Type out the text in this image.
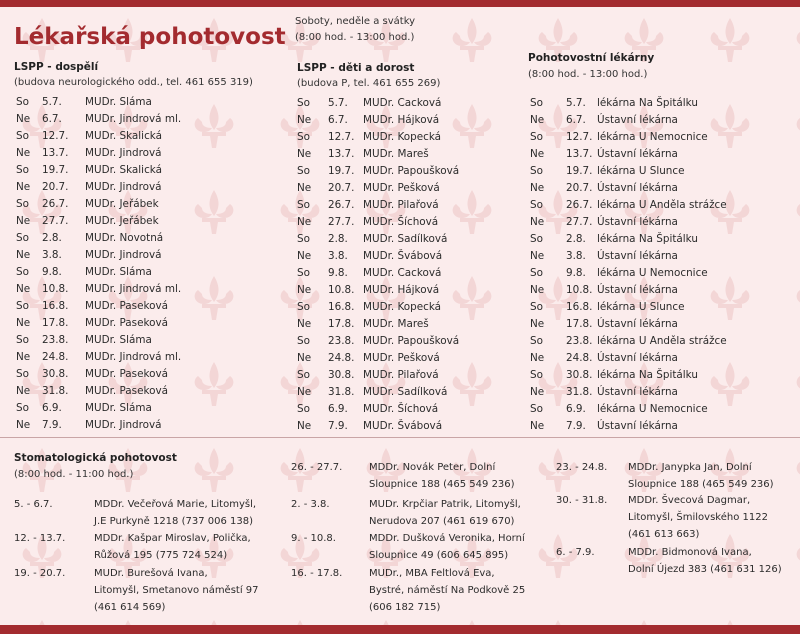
Lékařská pohotovost
Soboty, neděle a svátky
(8:00 hod. - 13:00 hod.)
LSPP - dospělí
(budova neurologického odd., tel. 461 655 319)
So	5.7.	MUDr. Sláma
Ne	6.7.	MUDr. Jindrová ml.
So	12.7.	MUDr. Skalická
Ne	13.7.	MUDr. Jindrová
So	19.7.	MUDr. Skalická
Ne	20.7.	MUDr. Jindrová
So	26.7.	MUDr. Jeřábek
Ne	27.7.	MUDr. Jeřábek
So	2.8.	MUDr. Novotná
Ne	3.8.	MUDr. Jindrová
So	9.8.	MUDr. Sláma
Ne	10.8.	MUDr. Jindrová ml.
So	16.8.	MUDr. Paseková
Ne	17.8.	MUDr. Paseková
So	23.8.	MUDr. Sláma
Ne	24.8.	MUDr. Jindrová ml.
So	30.8.	MUDr. Paseková
Ne	31.8.	MUDr. Paseková
So	6.9.	MUDr. Sláma
Ne	7.9.	MUDr. Jindrová
LSPP - děti a dorost
(budova P, tel. 461 655 269)
So	5.7.	MUDr. Cacková
Ne	6.7.	MUDr. Hájková
So	12.7. MUDr. Kopecká
Ne	13.7. MUDr. Mareš
So	19.7. MUDr. Papoušková
Ne	20.7. MUDr. Pešková
So	26.7. MUDr. Pilařová
Ne	27.7. MUDr. Šíchová
So	2.8.	MUDr. Sadílková
Ne	3.8.	MUDr. Švábová
So	9.8.	MUDr. Cacková
Ne	10.8. MUDr. Hájková
So	16.8. MUDr. Kopecká
Ne	17.8. MUDr. Mareš
So	23.8. MUDr. Papoušková
Ne	24.8. MUDr. Pešková
So	30.8. MUDr. Pilařová
Ne	31.8. MUDr. Sadílková
So	6.9.	MUDr. Šíchová
Ne	7.9.	MUDr. Švábová
Pohotovostní lékárny
(8:00 hod. - 13:00 hod.)
So	5.7.	lékárna Na Špitálku
Ne	6.7.	Ústavní lékárna
So	12.7. lékárna U Nemocnice
Ne	13.7. Ústavní lékárna
So	19.7. lékárna U Slunce
Ne	20.7. Ústavní lékárna
So	26.7. lékárna U Anděla strážce
Ne	27.7. Ústavní lékárna
So	2.8.	lékárna Na Špitálku
Ne	3.8.	Ústavní lékárna
So	9.8.	lékárna U Nemocnice
Ne	10.8. Ústavní lékárna
So	16.8. lékárna U Slunce
Ne	17.8. Ústavní lékárna
So	23.8. lékárna U Anděla strážce
Ne	24.8. Ústavní lékárna
So	30.8. lékárna Na Špitálku
Ne	31.8. Ústavní lékárna
So	6.9.	lékárna U Nemocnice
Ne	7.9.	Ústavní lékárna
Stomatologická pohotovost
(8:00 hod. - 11:00 hod.)
5. - 6.7.	MDDr. Večeřová Marie, Litomyšl,
J.E Purkyně 1218 (737 006 138)
12. - 13.7.	MDDr. Kašpar Miroslav, Polička,
Růžová 195 (775 724 524)
19. - 20.7.	MUDr. Burešová Ivana,
Litomyšl, Smetanovo náměstí 97
(461 614 569)
26. - 27.7.	MDDr. Novák Peter, Dolní
Sloupnice 188 (465 549 236)
2. - 3.8.	MUDr. Krpčiar Patrik, Litomyšl,
Nerudova 207 (461 619 670)
9. - 10.8.	MDDr. Dušková Veronika, Horní
Sloupnice 49 (606 645 895)
16. - 17.8.	MUDr., MBA Feltlová Eva,
Bystré, náměstí Na Podkově 25
(606 182 715)
23. - 24.8. MDDr. Janypka Jan, Dolní
Sloupnice 188 (465 549 236)
30. - 31.8. MDDr. Švecová Dagmar,
Litomyšl, Šmilovského 1122
(461 613 663)
6. - 7.9.	MDDr. Bidmonová Ivana,
Dolní Újezd 383 (461 631 126)
